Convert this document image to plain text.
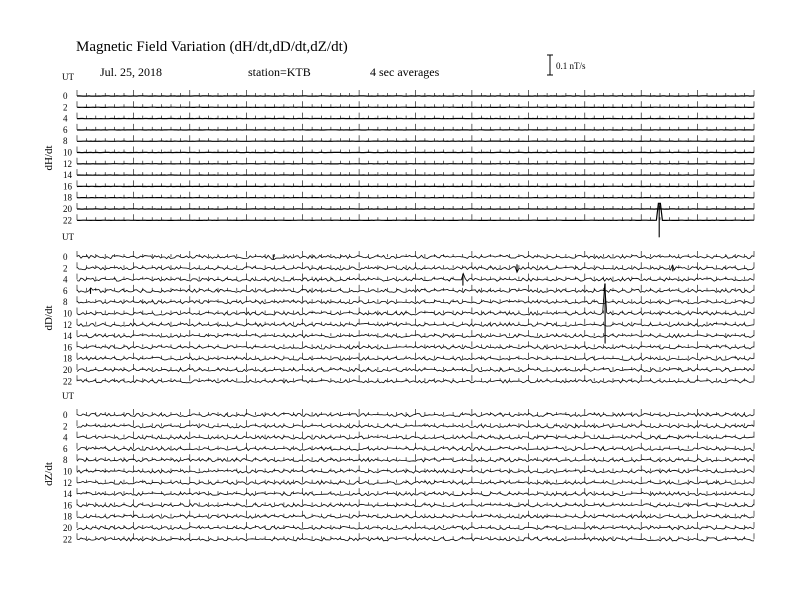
Magnetic Field Variation (dH/dt,dD/dt,dZ/dt)
Jul. 25, 2018	station=KTB	4 sec averages	0.1 nT/s
UT
dH/dt
0
2
4
6
8
10
12
14
16
18
20
22
UT
dD/dt
0
2
4
6
8
10
12
14
16
18
20
22
UT
dZ/dt
0
2
4
6
8
10
12
14
16
18
20
22
